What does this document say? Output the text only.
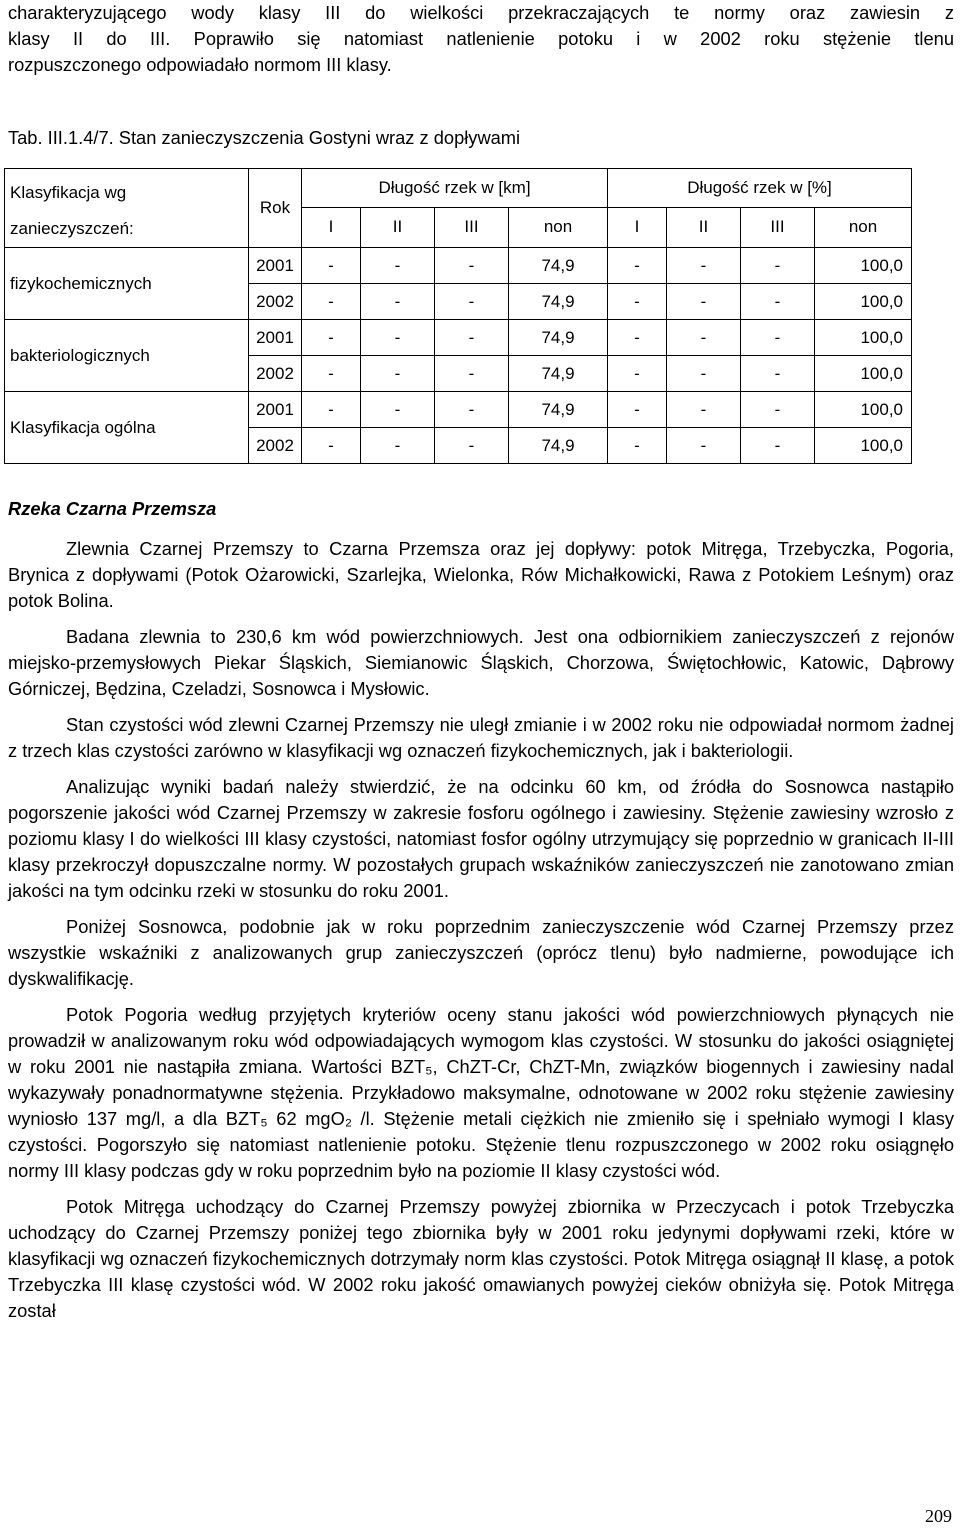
charakteryzującego wody klasy III do wielkości przekraczających te normy oraz zawiesin z

klasy II do III. Poprawiło się natomiast natlenienie potoku i w 2002 roku stężenie tlenu

rozpuszczonego odpowiadało normom III klasy.

Tab. III.1.4/7. Stan zanieczyszczenia Gostyni wraz z dopływami
Klasyfikacja wg
zanieczyszczeń:	Rok	Długość rzek w [km]				Długość rzek w [%]			
		I	II	III	non	I	II	III	non
fizykochemicznych	2001	-	-	-	74,9	-	-	-	100,0
	2002	-	-	-	74,9	-	-	-	100,0
bakteriologicznych	2001	-	-	-	74,9	-	-	-	100,0
	2002	-	-	-	74,9	-	-	-	100,0
Klasyfikacja ogólna	2001	-	-	-	74,9	-	-	-	100,0
	2002	-	-	-	74,9	-	-	-	100,0
Rzeka Czarna Przemsza

Zlewnia Czarnej Przemszy to Czarna Przemsza oraz jej dopływy: potok Mitręga, Trzebyczka, Pogoria, Brynica z dopływami (Potok Ożarowicki, Szarlejka, Wielonka, Rów Michałkowicki, Rawa z Potokiem Leśnym) oraz potok Bolina.

Badana zlewnia to 230,6 km wód powierzchniowych. Jest ona odbiornikiem zanieczyszczeń z rejonów miejsko-przemysłowych Piekar Śląskich, Siemianowic Śląskich, Chorzowa, Świętochłowic, Katowic, Dąbrowy Górniczej, Będzina, Czeladzi, Sosnowca i Mysłowic.

Stan czystości wód zlewni Czarnej Przemszy nie uległ zmianie i w 2002 roku nie odpowiadał normom żadnej z trzech klas czystości zarówno w klasyfikacji wg oznaczeń fizykochemicznych, jak i bakteriologii.

Analizując wyniki badań należy stwierdzić, że na odcinku 60 km, od źródła do Sosnowca nastąpiło pogorszenie jakości wód Czarnej Przemszy w zakresie fosforu ogólnego i zawiesiny. Stężenie zawiesiny wzrosło z poziomu klasy I do wielkości III klasy czystości, natomiast fosfor ogólny utrzymujący się poprzednio w granicach II-III klasy przekroczył dopuszczalne normy. W pozostałych grupach wskaźników zanieczyszczeń nie zanotowano zmian jakości na tym odcinku rzeki w stosunku do roku 2001.

Poniżej Sosnowca, podobnie jak w roku poprzednim zanieczyszczenie wód Czarnej Przemszy przez wszystkie wskaźniki z analizowanych grup zanieczyszczeń (oprócz tlenu) było nadmierne, powodujące ich dyskwalifikację.

Potok Pogoria według przyjętych kryteriów oceny stanu jakości wód powierzchniowych płynących nie prowadził w analizowanym roku wód odpowiadających wymogom klas czystości. W stosunku do jakości osiągniętej w roku 2001 nie nastąpiła zmiana. Wartości BZT₅, ChZT-Cr, ChZT-Mn, związków biogennych i zawiesiny nadal wykazywały ponadnormatywne stężenia. Przykładowo maksymalne, odnotowane w 2002 roku stężenie zawiesiny wyniosło 137 mg/l, a dla BZT₅ 62 mgO₂ /l. Stężenie metali ciężkich nie zmieniło się i spełniało wymogi I klasy czystości. Pogorszyło się natomiast natlenienie potoku. Stężenie tlenu rozpuszczonego w 2002 roku osiągnęło normy III klasy podczas gdy w roku poprzednim było na poziomie II klasy czystości wód.

Potok Mitręga uchodzący do Czarnej Przemszy powyżej zbiornika w Przeczycach i potok Trzebyczka uchodzący do Czarnej Przemszy poniżej tego zbiornika były w 2001 roku jedynymi dopływami rzeki, które w klasyfikacji wg oznaczeń fizykochemicznych dotrzymały norm klas czystości. Potok Mitręga osiągnął II klasę, a potok Trzebyczka III klasę czystości wód. W 2002 roku jakość omawianych powyżej cieków obniżyła się. Potok Mitręga został

209
